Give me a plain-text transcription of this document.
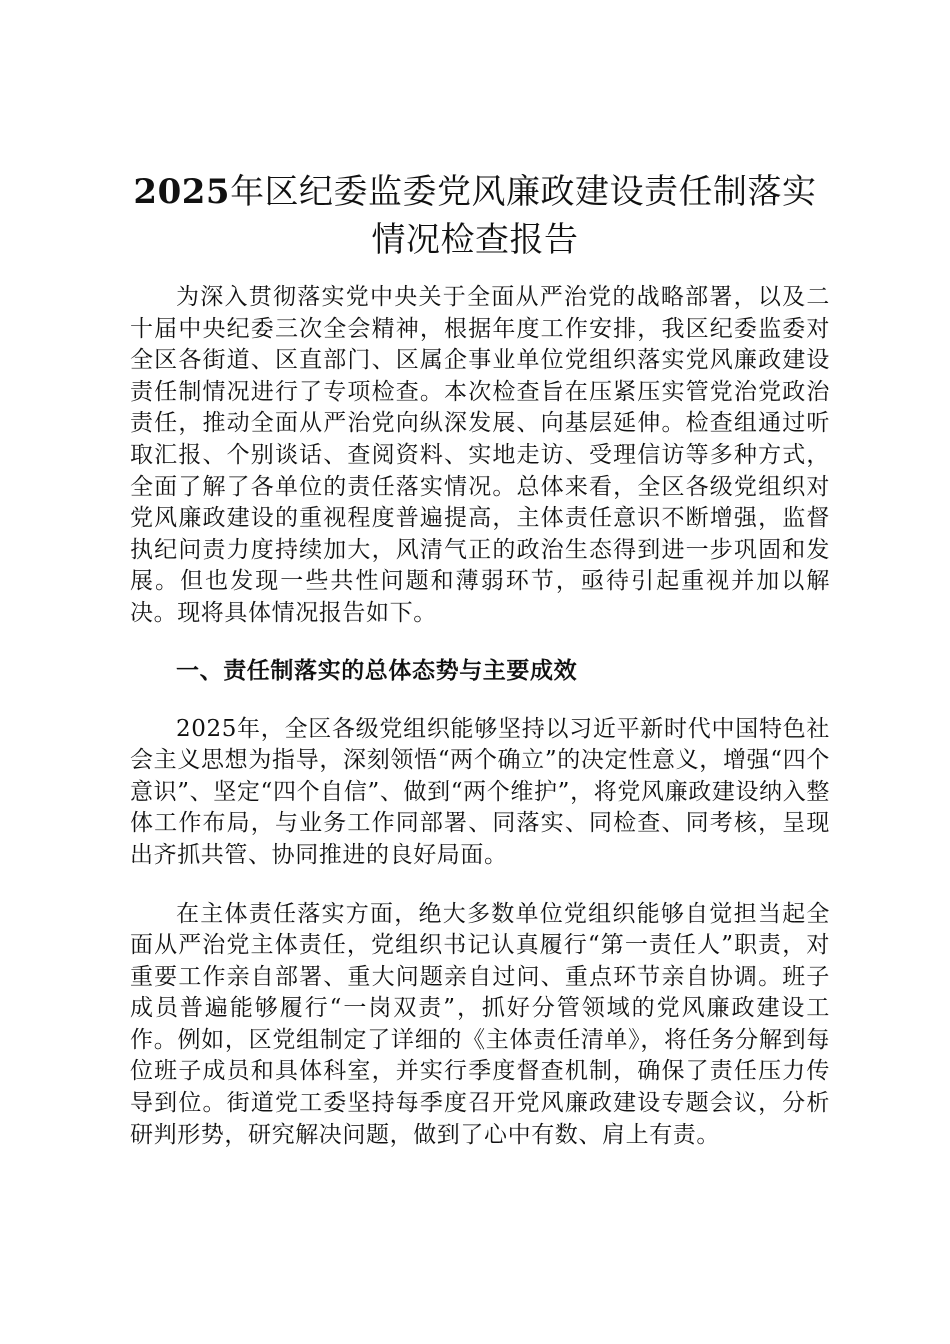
2025年区纪委监委党风廉政建设责任制落实
情况检查报告

为深入贯彻落实党中央关于全面从严治党的战略部署，以及二十届中央纪委三次全会精神，根据年度工作安排，我区纪委监委对全区各街道、区直部门、区属企事业单位党组织落实党风廉政建设责任制情况进行了专项检查。本次检查旨在压紧压实管党治党政治责任，推动全面从严治党向纵深发展、向基层延伸。检查组通过听取汇报、个别谈话、查阅资料、实地走访、受理信访等多种方式，全面了解了各单位的责任落实情况。总体来看，全区各级党组织对党风廉政建设的重视程度普遍提高，主体责任意识不断增强，监督执纪问责力度持续加大，风清气正的政治生态得到进一步巩固和发展。但也发现一些共性问题和薄弱环节，亟待引起重视并加以解决。现将具体情况报告如下。

一、责任制落实的总体态势与主要成效

2025年，全区各级党组织能够坚持以习近平新时代中国特色社会主义思想为指导，深刻领悟“两个确立”的决定性意义，增强“四个意识”、坚定“四个自信”、做到“两个维护”，将党风廉政建设纳入整体工作布局，与业务工作同部署、同落实、同检查、同考核，呈现出齐抓共管、协同推进的良好局面。

在主体责任落实方面，绝大多数单位党组织能够自觉担当起全面从严治党主体责任，党组织书记认真履行“第一责任人”职责，对重要工作亲自部署、重大问题亲自过问、重点环节亲自协调。班子成员普遍能够履行“一岗双责”，抓好分管领域的党风廉政建设工作。例如，区党组制定了详细的《主体责任清单》，将任务分解到每位班子成员和具体科室，并实行季度督查机制，确保了责任压力传导到位。街道党工委坚持每季度召开党风廉政建设专题会议，分析研判形势，研究解决问题，做到了心中有数、肩上有责。
